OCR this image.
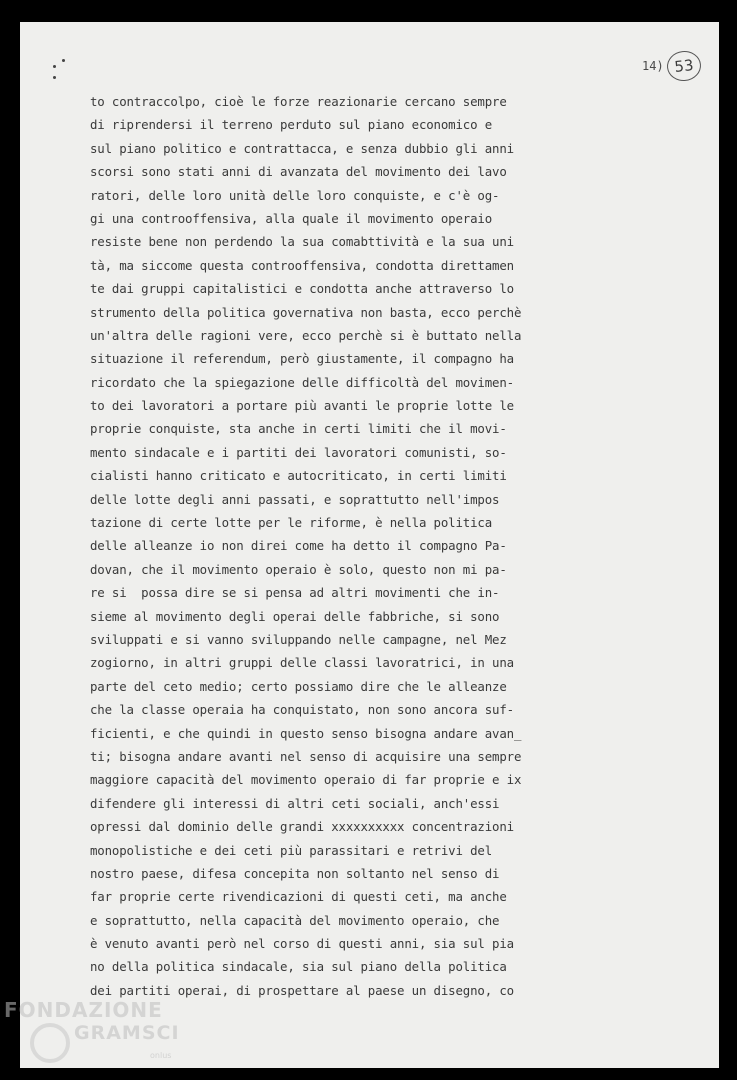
14) 53
to contraccolpo, cioè le forze reazionarie cercano sempre
di riprendersi il terreno perduto sul piano economico e
sul piano politico e contrattacca, e senza dubbio gli anni
scorsi sono stati anni di avanzata del movimento dei lavo
ratori, delle loro unità delle loro conquiste, e c'è og-
gi una controoffensiva, alla quale il movimento operaio
resiste bene non perdendo la sua comabttività e la sua uni
tà, ma siccome questa controoffensiva, condotta direttamen
te dai gruppi capitalistici e condotta anche attraverso lo
strumento della politica governativa non basta, ecco perchè
un'altra delle ragioni vere, ecco perchè si è buttato nella
situazione il referendum, però giustamente, il compagno ha
ricordato che la spiegazione delle difficoltà del movimen-
to dei lavoratori a portare più avanti le proprie lotte le
proprie conquiste, sta anche in certi limiti che il movi-
mento sindacale e i partiti dei lavoratori comunisti, so-
cialisti hanno criticato e autocriticato, in certi limiti
delle lotte degli anni passati, e soprattutto nell'impos
tazione di certe lotte per le riforme, è nella politica
delle alleanze io non direi come ha detto il compagno Pa-
dovan, che il movimento operaio è solo, questo non mi pa-
re si  possa dire se si pensa ad altri movimenti che in-
sieme al movimento degli operai delle fabbriche, si sono
sviluppati e si vanno sviluppando nelle campagne, nel Mez
zogiorno, in altri gruppi delle classi lavoratrici, in una
parte del ceto medio; certo possiamo dire che le alleanze
che la classe operaia ha conquistato, non sono ancora suf-
ficienti, e che quindi in questo senso bisogna andare avan_
ti; bisogna andare avanti nel senso di acquisire una sempre
maggiore capacità del movimento operaio di far proprie e ix
difendere gli interessi di altri ceti sociali, anch'essi
opressi dal dominio delle grandi xxxxxxxxxx concentrazioni
monopolistiche e dei ceti più parassitari e retrivi del
nostro paese, difesa concepita non soltanto nel senso di
far proprie certe rivendicazioni di questi ceti, ma anche
e soprattutto, nella capacità del movimento operaio, che
è venuto avanti però nel corso di questi anni, sia sul pia
no della politica sindacale, sia sul piano della politica
dei partiti operai, di prospettare al paese un disegno, co
FONDAZIONE
GRAMSCI
onlus
